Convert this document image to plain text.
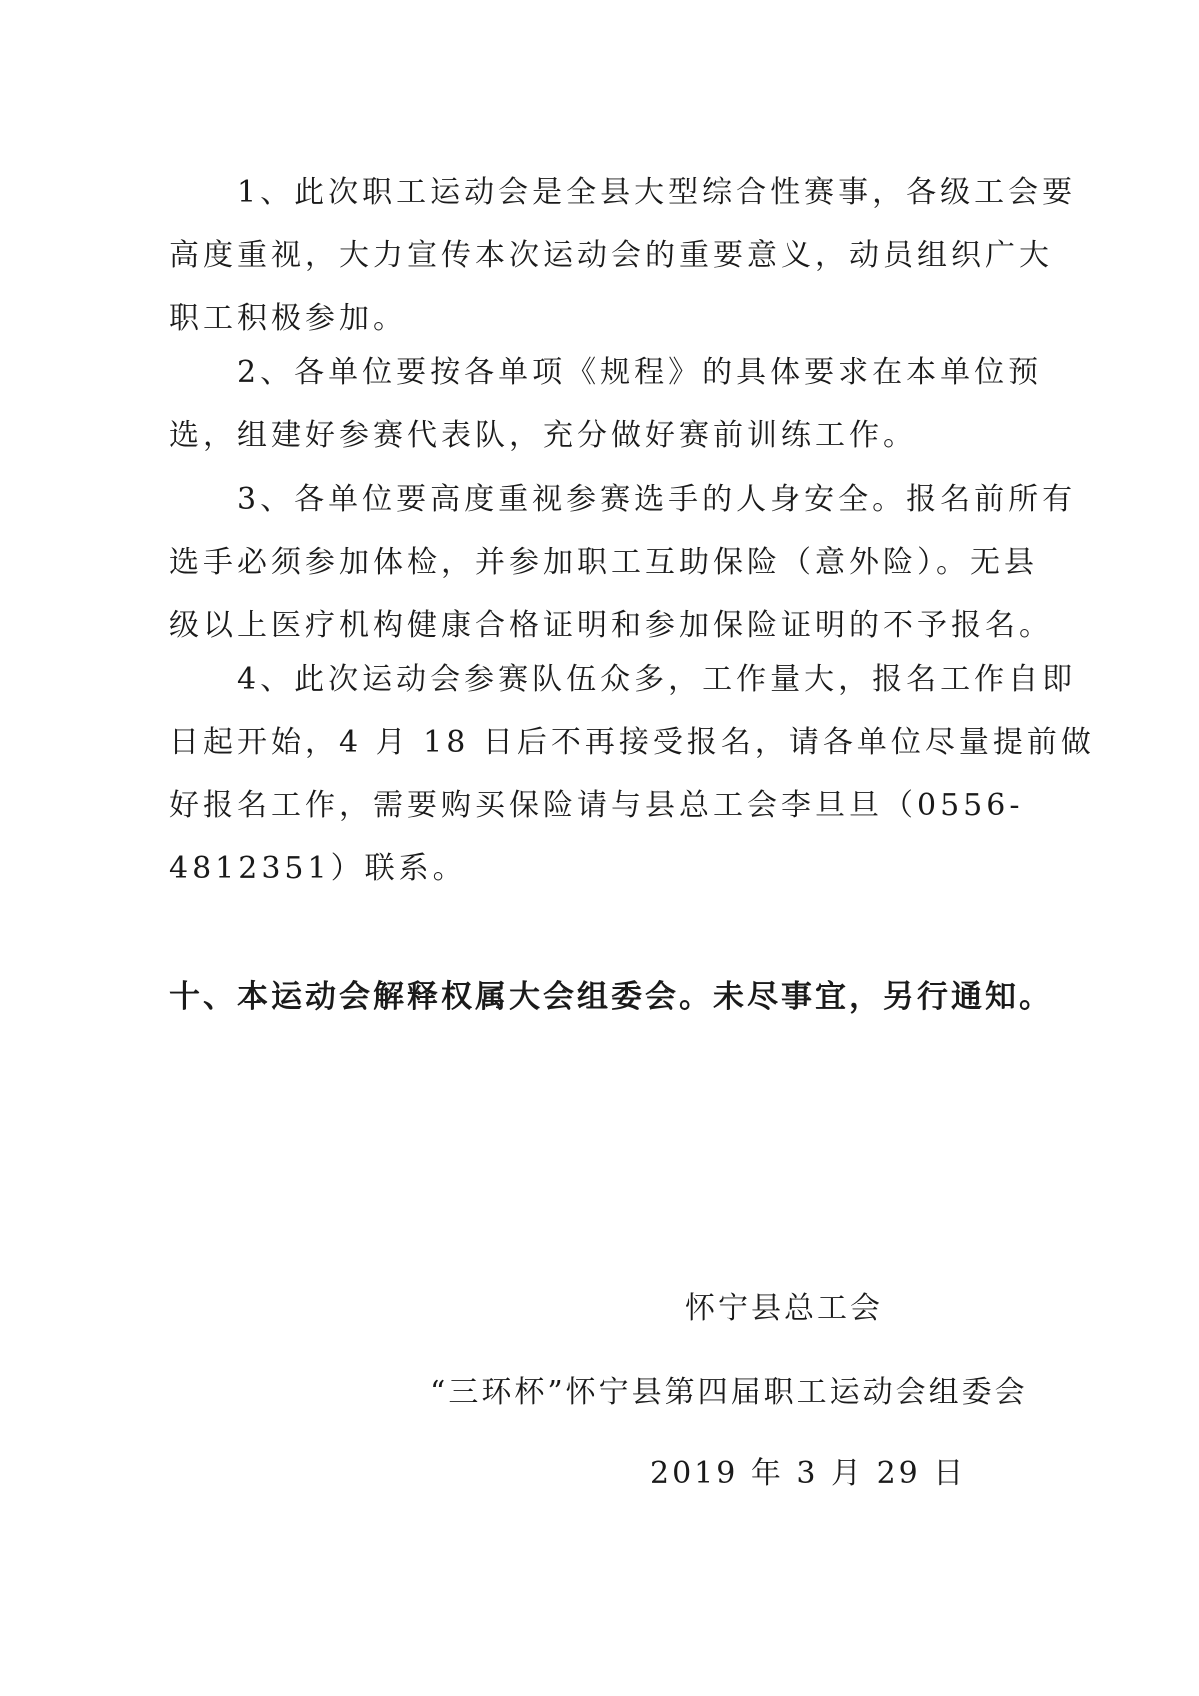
　　1、此次职工运动会是全县大型综合性赛事，各级工会要
高度重视，大力宣传本次运动会的重要意义，动员组织广大
职工积极参加。
　　2、各单位要按各单项《规程》的具体要求在本单位预
选，组建好参赛代表队，充分做好赛前训练工作。
　　3、各单位要高度重视参赛选手的人身安全。报名前所有
选手必须参加体检，并参加职工互助保险（意外险）。无县
级以上医疗机构健康合格证明和参加保险证明的不予报名。
　　4、此次运动会参赛队伍众多，工作量大，报名工作自即
日起开始，4 月 18 日后不再接受报名，请各单位尽量提前做
好报名工作，需要购买保险请与县总工会李旦旦（0556-
4812351）联系。

十、本运动会解释权属大会组委会。未尽事宜，另行通知。

怀宁县总工会

“三环杯”怀宁县第四届职工运动会组委会

2019 年 3 月 29 日
